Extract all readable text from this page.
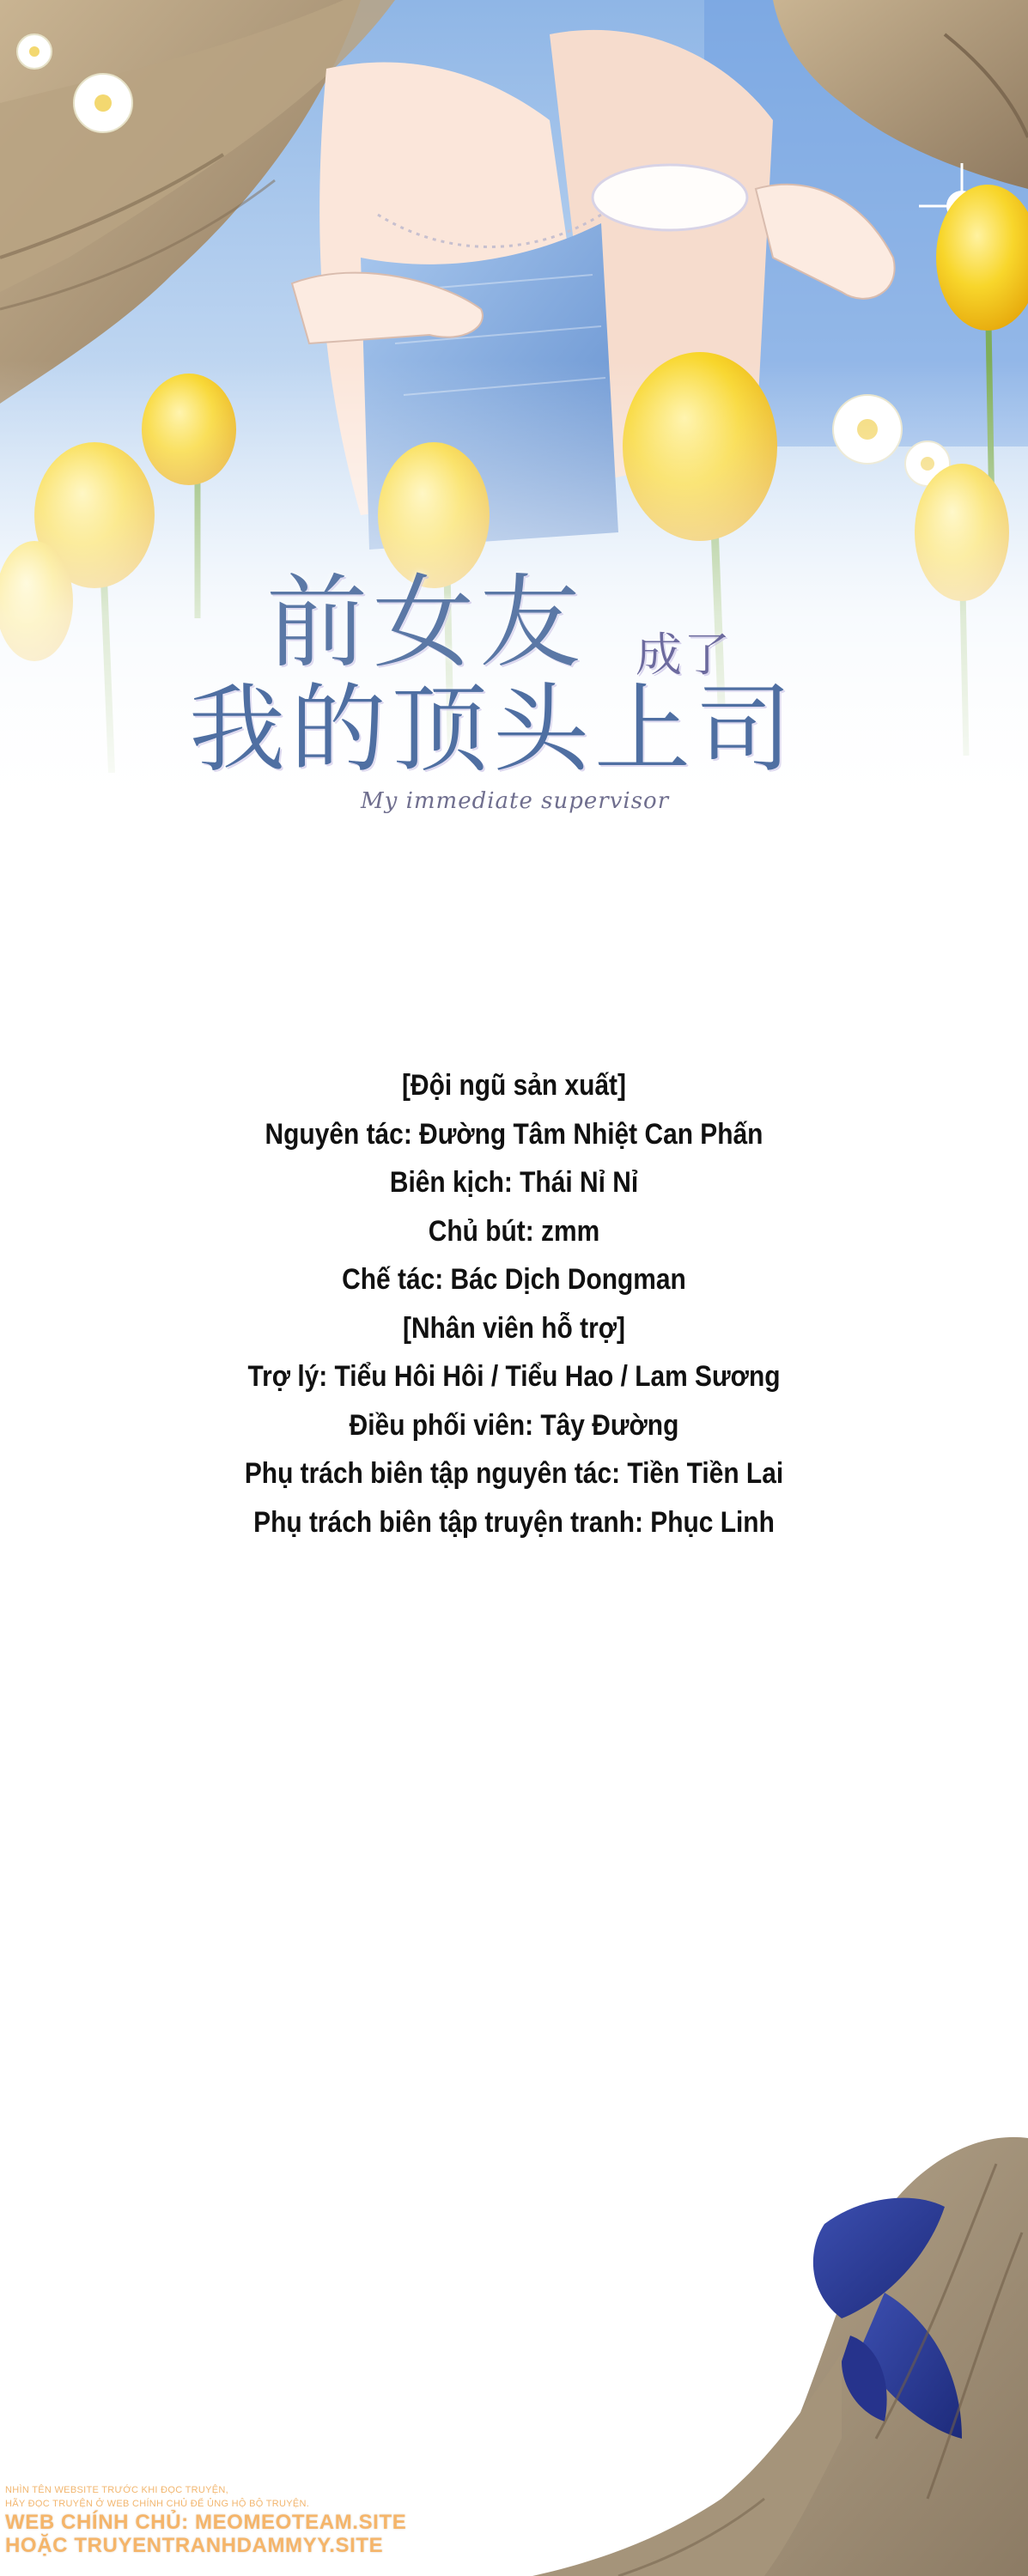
前女友 成了
我的顶头上司
My immediate supervisor
[Đội ngũ sản xuất]
Nguyên tác: Đường Tâm Nhiệt Can Phấn
Biên kịch: Thái Nỉ Nỉ
Chủ bút: zmm
Chế tác: Bác Dịch Dongman
[Nhân viên hỗ trợ]
Trợ lý: Tiểu Hôi Hôi / Tiểu Hao / Lam Sương
Điều phối viên: Tây Đường
Phụ trách biên tập nguyên tác: Tiền Tiền Lai
Phụ trách biên tập truyện tranh: Phục Linh
NHÌN TÊN WEBSITE TRƯỚC KHI ĐỌC TRUYỆN,
HÃY ĐỌC TRUYỆN Ở WEB CHÍNH CHỦ ĐỂ ỦNG HỘ BỘ TRUYỆN.
WEB CHÍNH CHỦ: MEOMEOTEAM.SITE
HOẶC TRUYENTRANHDAMMYY.SITE
